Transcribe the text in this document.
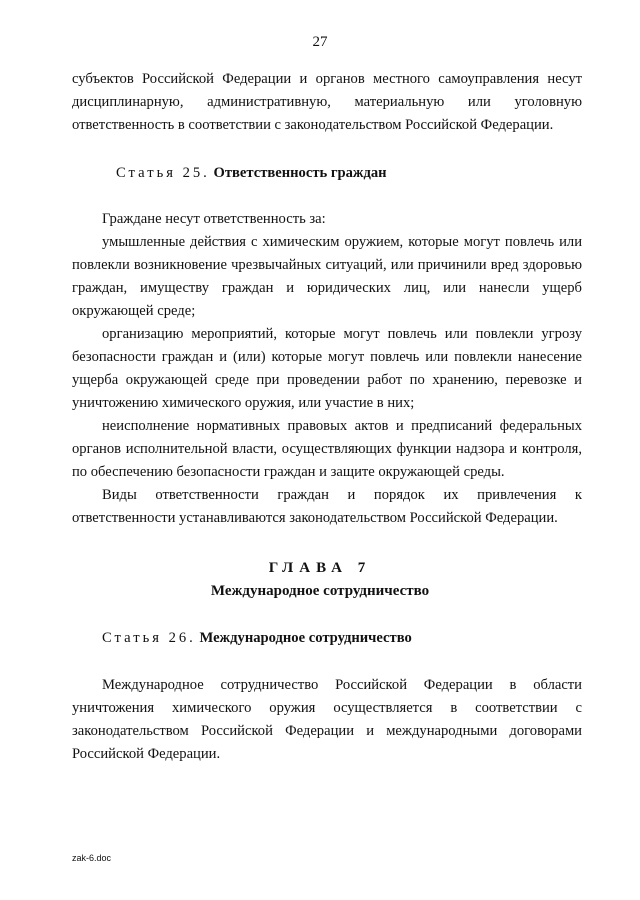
27
субъектов Российской Федерации и органов местного самоуправления несут
дисциплинарную, административную, материальную или уголовную
ответственность в соответствии с законодательством Российской Федерации.
Статья 25. Ответственность граждан

Граждане несут ответственность за:

умышленные действия с химическим оружием, которые могут повлечь или повлекли возникновение чрезвычайных ситуаций, или причинили вред здоровью граждан, имуществу граждан и юридических лиц, или нанесли ущерб окружающей среде;

организацию мероприятий, которые могут повлечь или повлекли угрозу безопасности граждан и (или) которые могут повлечь или повлекли нанесение ущерба окружающей среде при проведении работ по хранению, перевозке и уничтожению химического оружия, или участие в них;

неисполнение нормативных правовых актов и предписаний федеральных органов исполнительной власти, осуществляющих функции надзора и контроля, по обеспечению безопасности граждан и защите окружающей среды.

Виды ответственности граждан и порядок их привлечения к ответственности устанавливаются законодательством Российской Федерации.

ГЛАВА 7
Международное сотрудничество
Статья 26. Международное сотрудничество

Международное сотрудничество Российской Федерации в области уничтожения химического оружия осуществляется в соответствии с законодательством Российской Федерации и международными договорами Российской Федерации.

zak-6.doc
